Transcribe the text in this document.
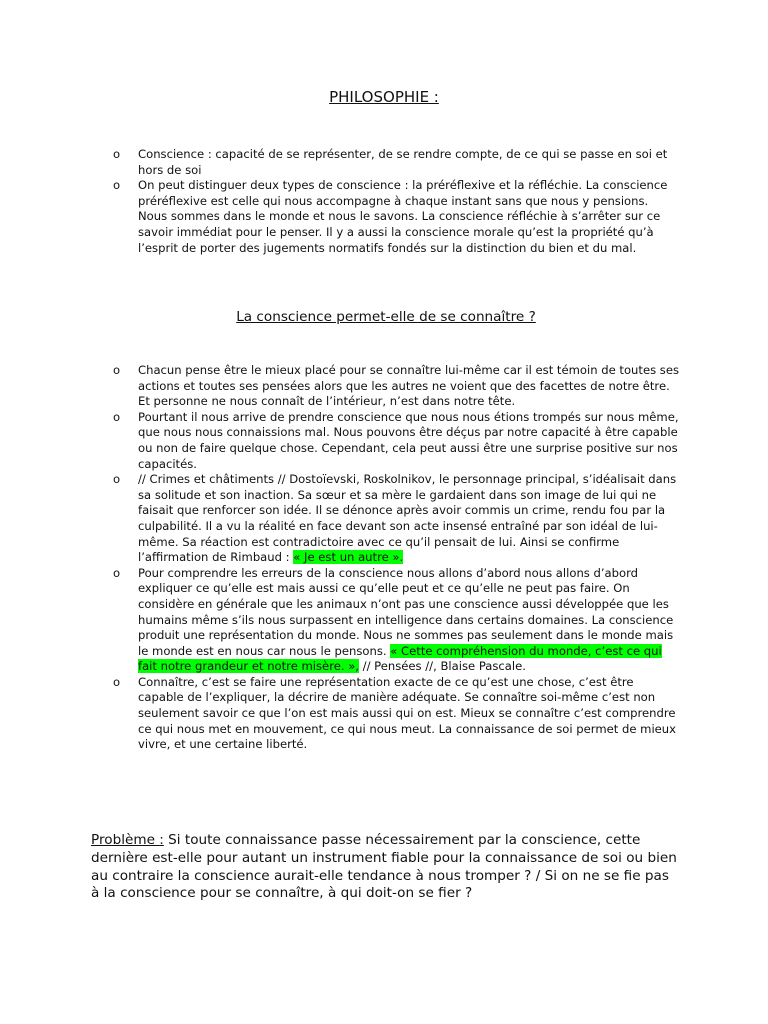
PHILOSOPHIE :
o Conscience : capacité de se représenter, de se rendre compte, de ce qui se passe en soi et hors de soi
o On peut distinguer deux types de conscience : la préréflexive et la réfléchie. La conscience préréflexive est celle qui nous accompagne à chaque instant sans que nous y pensions. Nous sommes dans le monde et nous le savons. La conscience réfléchie à s’arrêter sur ce savoir immédiat pour le penser. Il y a aussi la conscience morale qu’est la propriété qu’à l’esprit de porter des jugements normatifs fondés sur la distinction du bien et du mal.
La conscience permet-elle de se connaître ?
o Chacun pense être le mieux placé pour se connaître lui-même car il est témoin de toutes ses actions et toutes ses pensées alors que les autres ne voient que des facettes de notre être. Et personne ne nous connaît de l’intérieur, n’est dans notre tête.
o Pourtant il nous arrive de prendre conscience que nous nous étions trompés sur nous même, que nous nous connaissions mal. Nous pouvons être déçus par notre capacité à être capable ou non de faire quelque chose. Cependant, cela peut aussi être une surprise positive sur nos capacités.
o // Crimes et châtiments // Dostoïevski, Roskolnikov, le personnage principal, s’idéalisait dans sa solitude et son inaction. Sa sœur et sa mère le gardaient dans son image de lui qui ne faisait que renforcer son idée. Il se dénonce après avoir commis un crime, rendu fou par la culpabilité. Il a vu la réalité en face devant son acte insensé entraîné par son idéal de lui-même. Sa réaction est contradictoire avec ce qu’il pensait de lui. Ainsi se confirme l’affirmation de Rimbaud : « Je est un autre ».
o Pour comprendre les erreurs de la conscience nous allons d’abord nous allons d’abord expliquer ce qu’elle est mais aussi ce qu’elle peut et ce qu’elle ne peut pas faire. On considère en générale que les animaux n’ont pas une conscience aussi développée que les humains même s’ils nous surpassent en intelligence dans certains domaines. La conscience produit une représentation du monde. Nous ne sommes pas seulement dans le monde mais le monde est en nous car nous le pensons. « Cette compréhension du monde, c’est ce qui fait notre grandeur et notre misère. », // Pensées //, Blaise Pascale.
o Connaître, c’est se faire une représentation exacte de ce qu’est une chose, c’est être capable de l’expliquer, la décrire de manière adéquate. Se connaître soi-même c’est non seulement savoir ce que l’on est mais aussi qui on est. Mieux se connaître c’est comprendre ce qui nous met en mouvement, ce qui nous meut. La connaissance de soi permet de mieux vivre, et une certaine liberté.
Problème : Si toute connaissance passe nécessairement par la conscience, cette dernière est-elle pour autant un instrument fiable pour la connaissance de soi ou bien au contraire la conscience aurait-elle tendance à nous tromper ? / Si on ne se fie pas à la conscience pour se connaître, à qui doit-on se fier ?
